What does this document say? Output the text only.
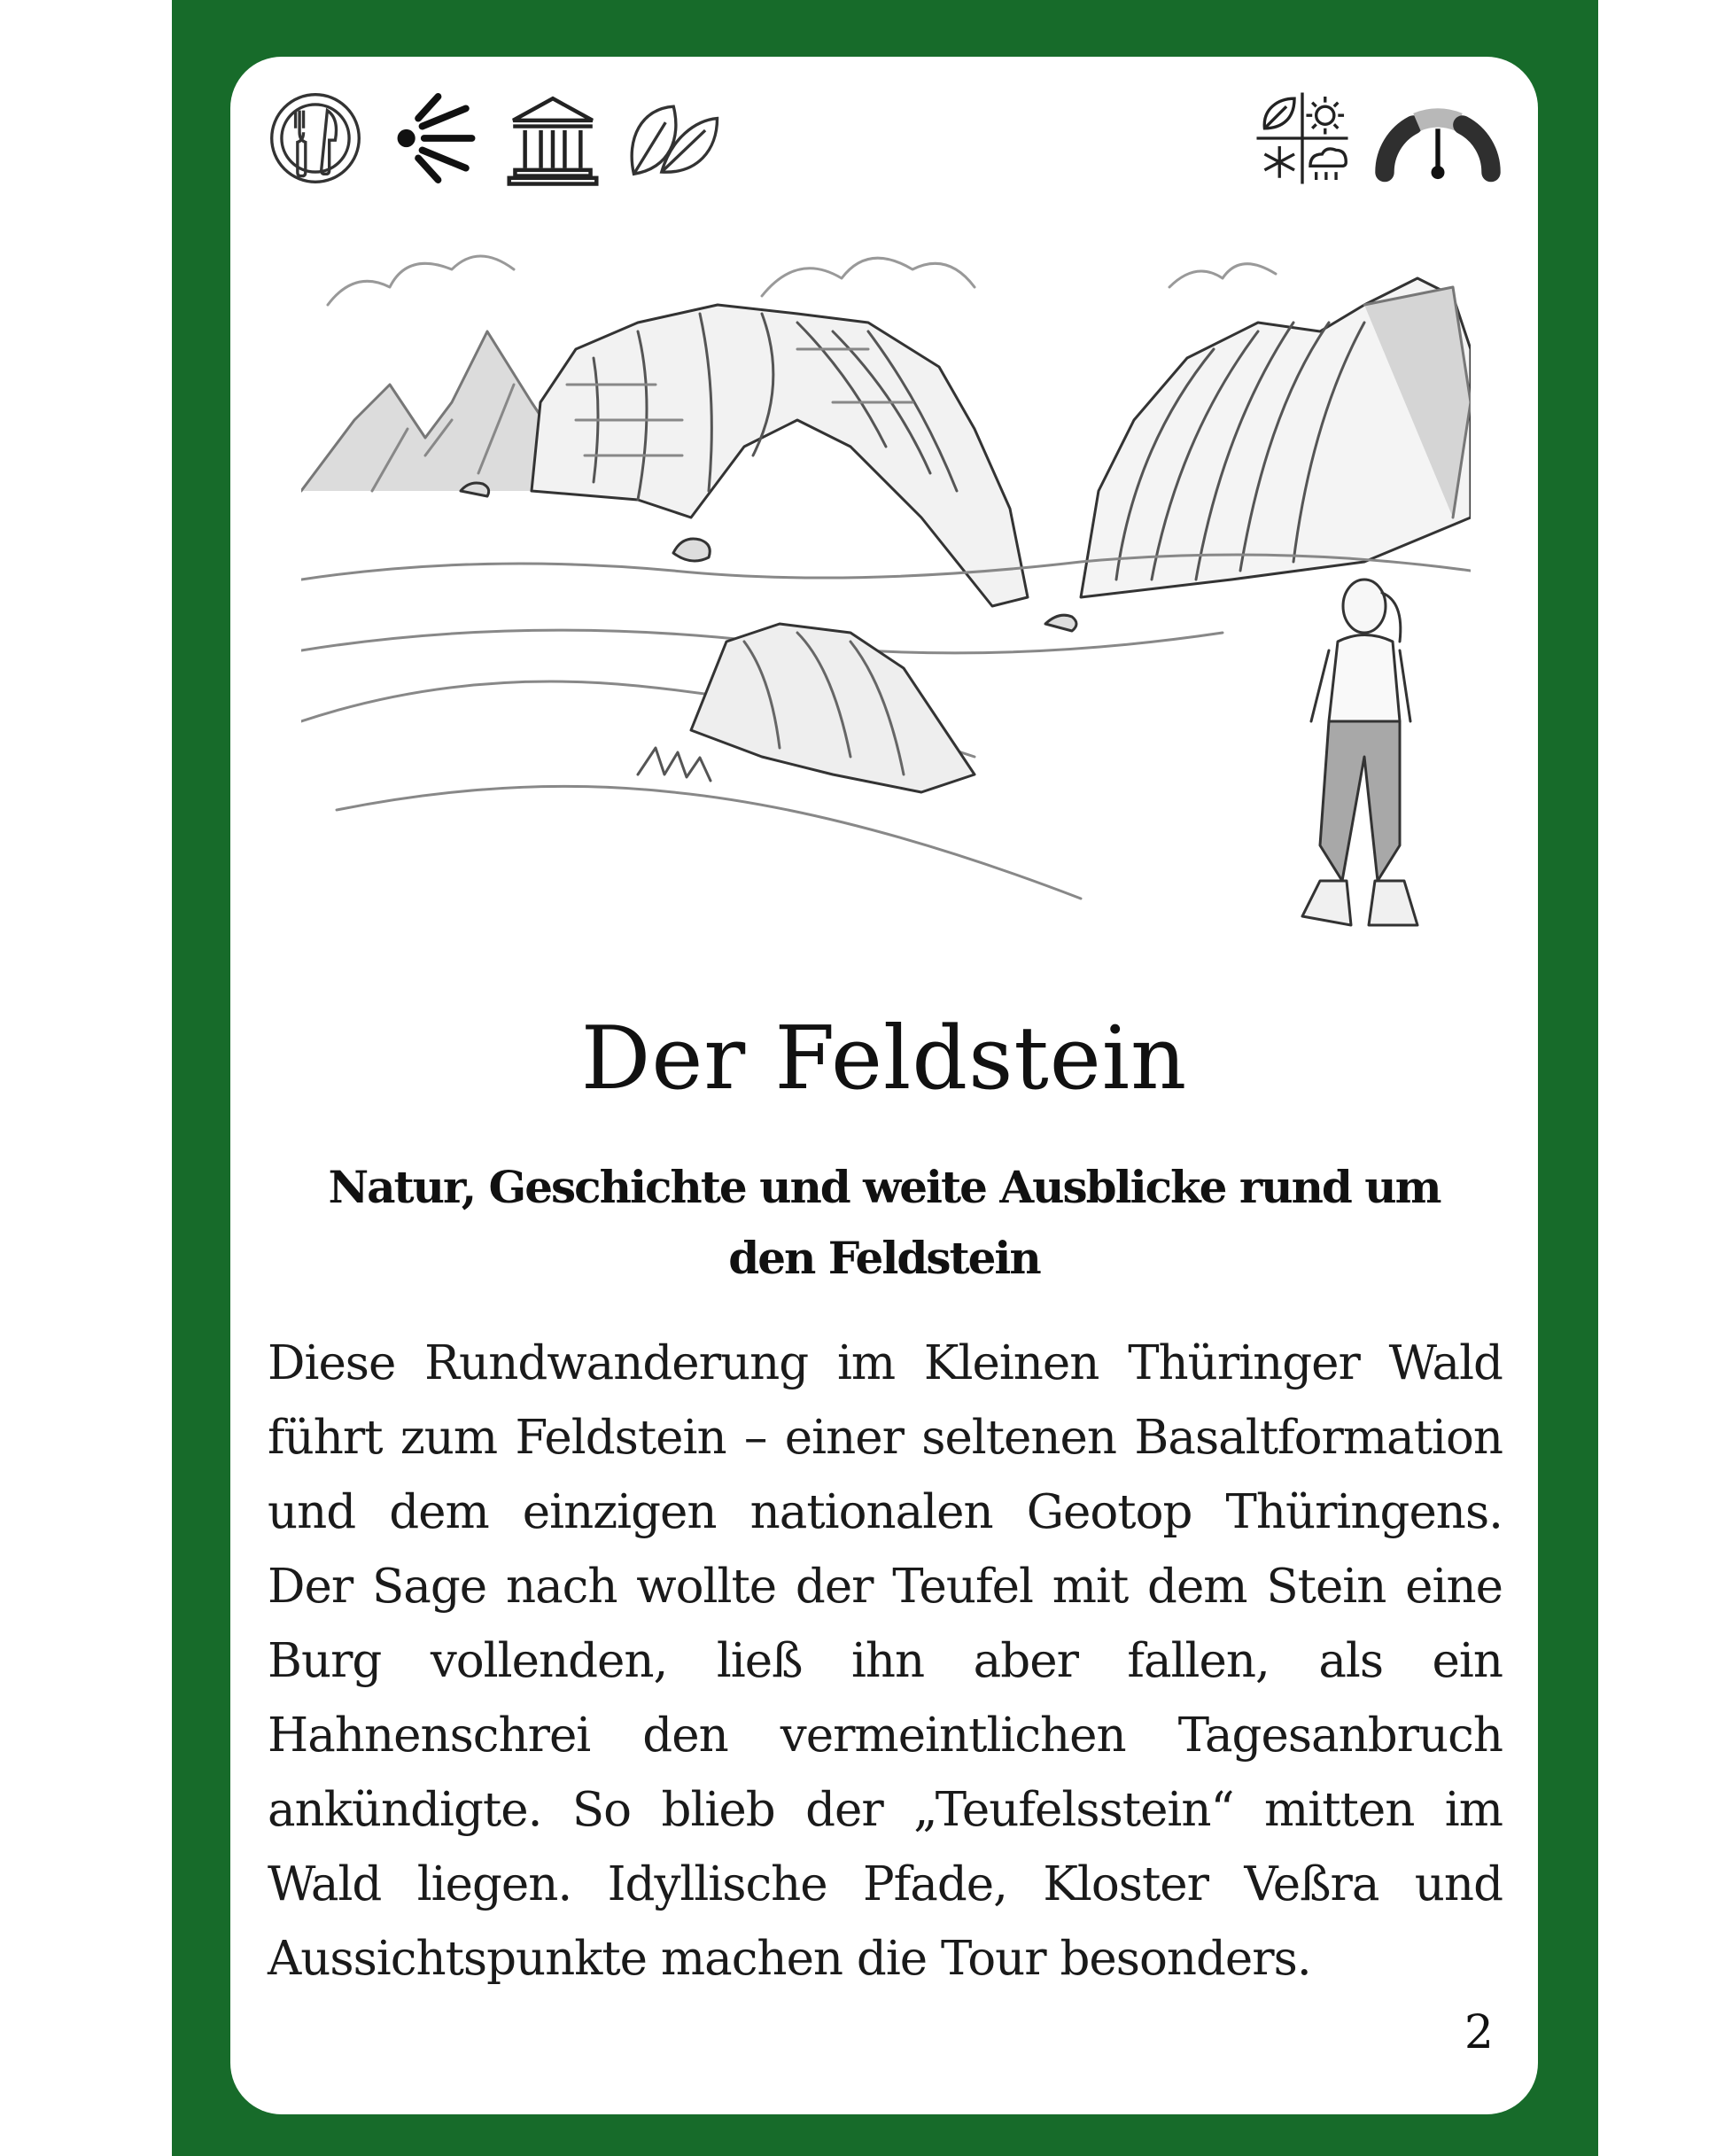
Der Feldstein
Natur, Geschichte und weite Ausblicke rund um den Feldstein
Diese Rundwanderung im Kleinen Thüringer Wald führt zum Feldstein – einer seltenen Basaltformation und dem einzigen nationalen Geotop Thüringens. Der Sage nach wollte der Teufel mit dem Stein eine Burg vollenden, ließ ihn aber fallen, als ein Hahnenschrei den vermeintlichen Tagesanbruch ankündigte. So blieb der „Teufelsstein“ mitten im Wald liegen. Idyllische Pfade, Kloster Veßra und Aussichtspunkte machen die Tour besonders.
2
